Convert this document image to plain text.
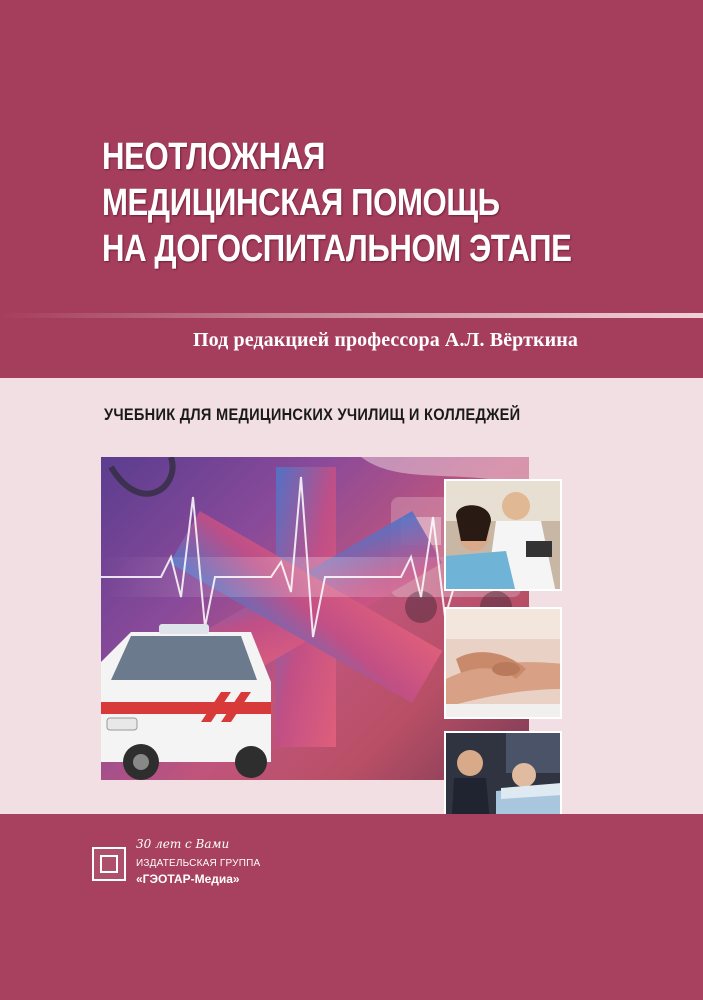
НЕОТЛОЖНАЯ
МЕДИЦИНСКАЯ ПОМОЩЬ
НА ДОГОСПИТАЛЬНОМ ЭТАПЕ
Под редакцией профессора А.Л. Вёрткина
УЧЕБНИК ДЛЯ МЕДИЦИНСКИХ УЧИЛИЩ И КОЛЛЕДЖЕЙ
30 лет с Вами
ИЗДАТЕЛЬСКАЯ ГРУППА
«ГЭОТАР-Медиа»
